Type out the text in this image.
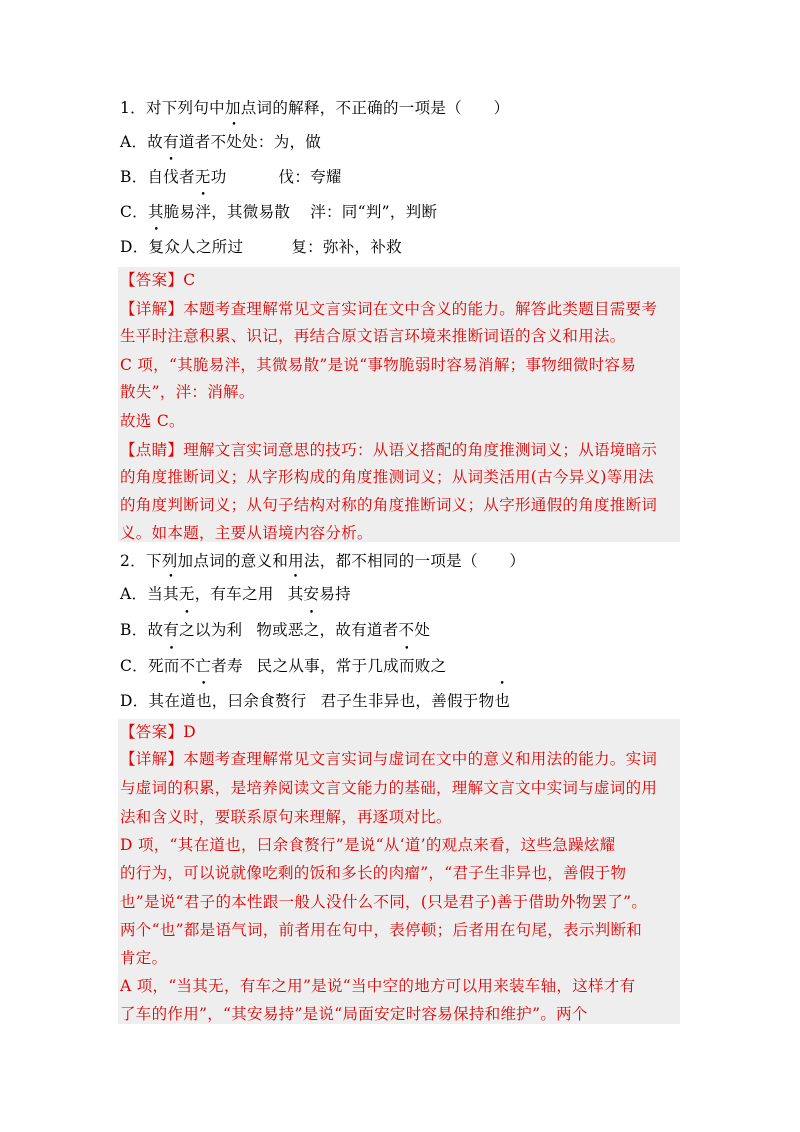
1．对下列句中加点词的解释，不正确的一项是（　　）
A．故有道者不处处：为，做
B．自伐者无功	伐：夸耀
C．其脆易泮，其微易散 泮：同“判”，判断
D．复众人之所过	复：弥补，补救
【答案】C
【详解】本题考查理解常见文言实词在文中含义的能力。解答此类题目需要考
生平时注意积累、识记，再结合原文语言环境来推断词语的含义和用法。
C 项，“其脆易泮，其微易散”是说“事物脆弱时容易消解；事物细微时容易
散失”，泮：消解。
故选 C。
【点睛】理解文言实词意思的技巧：从语义搭配的角度推测词义；从语境暗示
的角度推断词义；从字形构成的角度推测词义；从词类活用(古今异义)等用法
的角度判断词义；从句子结构对称的角度推断词义；从字形通假的角度推断词
义。如本题，主要从语境内容分析。
2．下列加点词的意义和用法，都不相同的一项是（　　）
A．当其无，有车之用 其安易持
B．故有之以为利 物或恶之，故有道者不处
C．死而不亡者寿 民之从事，常于几成而败之
D．其在道也，曰余食赘行 君子生非异也，善假于物也
【答案】D
【详解】本题考查理解常见文言实词与虚词在文中的意义和用法的能力。实词
与虚词的积累，是培养阅读文言文能力的基础，理解文言文中实词与虚词的用
法和含义时，要联系原句来理解，再逐项对比。
D 项，“其在道也，曰余食赘行”是说“从‘道’的观点来看，这些急躁炫耀
的行为，可以说就像吃剩的饭和多长的肉瘤”，“君子生非异也，善假于物
也”是说“君子的本性跟一般人没什么不同，(只是君子)善于借助外物罢了”。
两个“也”都是语气词，前者用在句中，表停顿；后者用在句尾，表示判断和
肯定。
A 项，“当其无，有车之用”是说“当中空的地方可以用来装车轴，这样才有
了车的作用”，“其安易持”是说“局面安定时容易保持和维护”。两个
